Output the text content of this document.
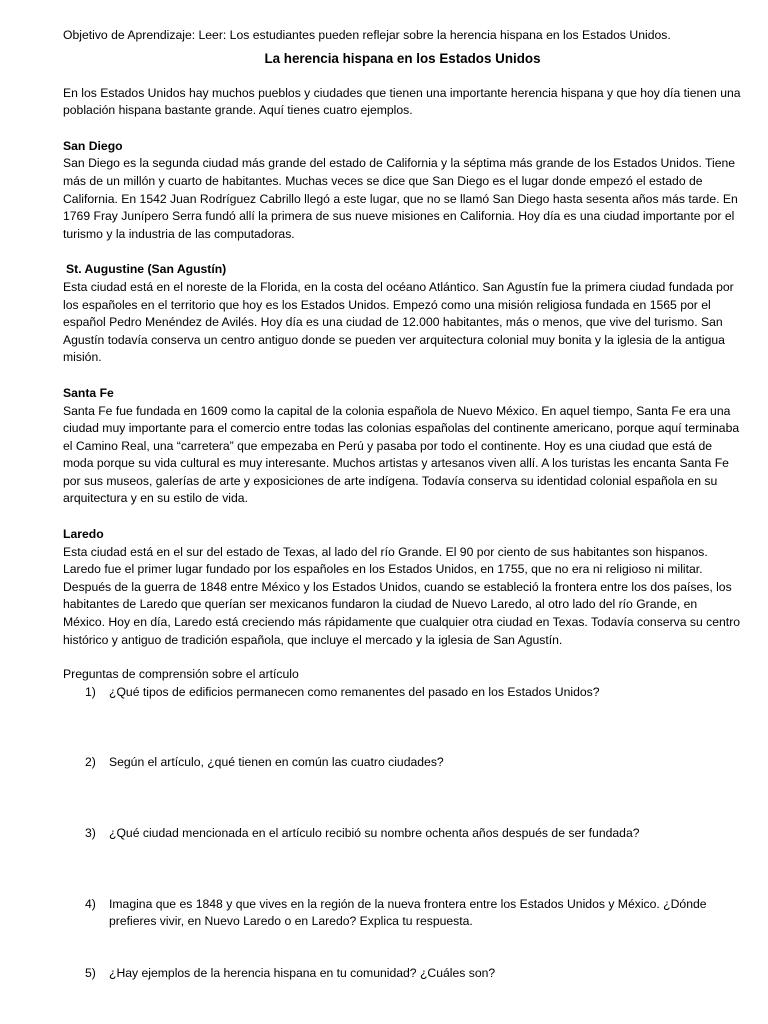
Objetivo de Aprendizaje: Leer: Los estudiantes pueden reflejar sobre la herencia hispana en los Estados Unidos.

La herencia hispana en los Estados Unidos

En los Estados Unidos hay muchos pueblos y ciudades que tienen una importante herencia hispana y que hoy día tienen una población hispana bastante grande. Aquí tienes cuatro ejemplos.

San Diego

San Diego es la segunda ciudad más grande del estado de California y la séptima más grande de los Estados Unidos. Tiene más de un millón y cuarto de habitantes. Muchas veces se dice que San Diego es el lugar donde empezó el estado de California. En 1542 Juan Rodríguez Cabrillo llegó a este lugar, que no se llamó San Diego hasta sesenta años más tarde. En 1769 Fray Junípero Serra fundó allí la primera de sus nueve misiones en California. Hoy día es una ciudad importante por el turismo y la industria de las computadoras.

St. Augustine (San Agustín)

Esta ciudad está en el noreste de la Florida, en la costa del océano Atlántico. San Agustín fue la primera ciudad fundada por los españoles en el territorio que hoy es los Estados Unidos. Empezó como una misión religiosa fundada en 1565 por el español Pedro Menéndez de Avilés. Hoy día es una ciudad de 12.000 habitantes, más o menos, que vive del turismo. San Agustín todavía conserva un centro antiguo donde se pueden ver arquitectura colonial muy bonita y la iglesia de la antigua misión.

Santa Fe

Santa Fe fue fundada en 1609 como la capital de la colonia española de Nuevo México. En aquel tiempo, Santa Fe era una ciudad muy importante para el comercio entre todas las colonias españolas del continente americano, porque aquí terminaba el Camino Real, una “carretera” que empezaba en Perú y pasaba por todo el continente. Hoy es una ciudad que está de moda porque su vida cultural es muy interesante. Muchos artistas y artesanos viven allí. A los turistas les encanta Santa Fe por sus museos, galerías de arte y exposiciones de arte indígena. Todavía conserva su identidad colonial española en su arquitectura y en su estilo de vida.

Laredo

Esta ciudad está en el sur del estado de Texas, al lado del río Grande. El 90 por ciento de sus habitantes son hispanos. Laredo fue el primer lugar fundado por los españoles en los Estados Unidos, en 1755, que no era ni religioso ni militar. Después de la guerra de 1848 entre México y los Estados Unidos, cuando se estableció la frontera entre los dos países, los habitantes de Laredo que querían ser mexicanos fundaron la ciudad de Nuevo Laredo, al otro lado del río Grande, en México. Hoy en día, Laredo está creciendo más rápidamente que cualquier otra ciudad en Texas. Todavía conserva su centro histórico y antiguo de tradición española, que incluye el mercado y la iglesia de San Agustín.

Preguntas de comprensión sobre el artículo

1) ¿Qué tipos de edificios permanecen como remanentes del pasado en los Estados Unidos?
2) Según el artículo, ¿qué tienen en común las cuatro ciudades?
3) ¿Qué ciudad mencionada en el artículo recibió su nombre ochenta años después de ser fundada?
4) Imagina que es 1848 y que vives en la región de la nueva frontera entre los Estados Unidos y México. ¿Dónde prefieres vivir, en Nuevo Laredo o en Laredo? Explica tu respuesta.
5) ¿Hay ejemplos de la herencia hispana en tu comunidad? ¿Cuáles son?
